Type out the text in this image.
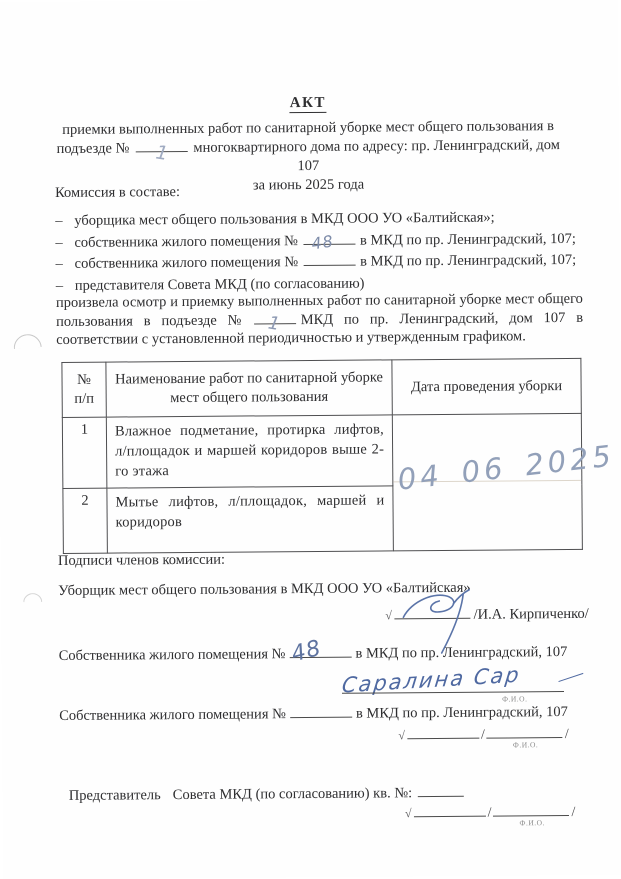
АКТ
приемки выполненных работ по санитарной уборке мест общего пользования в
подъезде № 1 многоквартирного дома по адресу: пр. Ленинградский, дом 107
за июнь 2025 года
Комиссия в составе:
– уборщика мест общего пользования в МКД ООО УО «Балтийская»;
– собственника жилого помещения № 48 в МКД по пр. Ленинградский, 107;
– собственника жилого помещения №	в МКД по пр. Ленинградский, 107;
– представителя Совета МКД (по согласованию)
произвела осмотр и приемку выполненных работ по санитарной уборке мест общего пользования в подъезде № 1 МКД по пр. Ленинградский, дом 107 в соответствии с установленной периодичностью и утвержденным графиком.
№
п/п	Наименование работ по санитарной уборке мест общего пользования	Дата проведения уборки
1	Влажное подметание, протирка лифтов, л/площадок и маршей коридоров выше 2-го этажа	04 06 2025

2	Мытье лифтов, л/площадок, маршей и коридоров	
Подписи членов комиссии:
Уборщик мест общего пользования в МКД ООО УО «Балтийская»
√	/И.А. Кирпиченко/
Собственника жилого помещения № 48 в МКД по пр. Ленинградский, 107
Саралина Сар
Ф.И.О.
Собственника жилого помещения №	в МКД по пр. Ленинградский, 107
√	/
Ф.И.О.
/
Представитель Совета МКД (по согласованию) кв. №:
√	/
Ф.И.О.
/
